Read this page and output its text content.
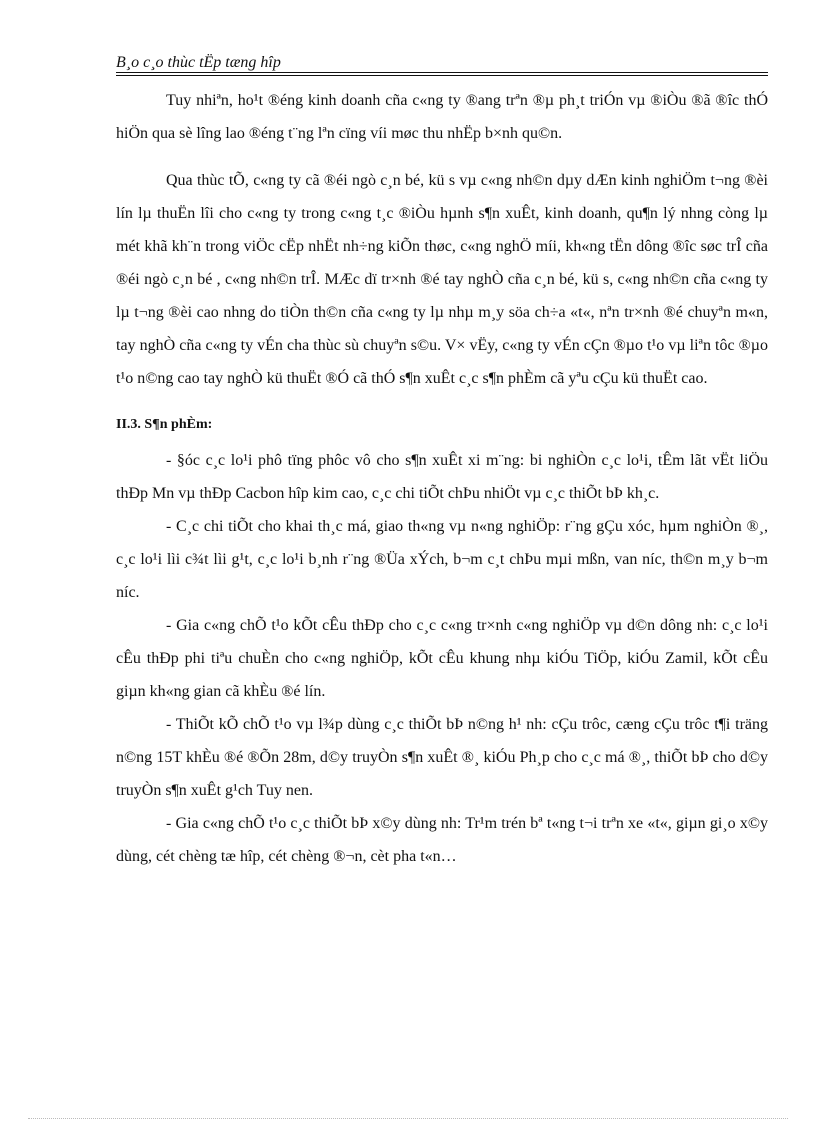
B¸o c¸o thùc tËp tæng hîp

Tuy nhiªn, ho¹t ®éng kinh doanh cña c«ng ty ®ang trªn ®µ ph¸t triÓn vµ ®iÒu ®ã ®îc thÓ hiÖn qua sè lîng lao ®éng t¨ng lªn cïng víi møc thu nhËp b×nh qu©n.

Qua thùc tÕ, c«ng ty cã ®éi ngò c¸n bé, kü s vµ c«ng nh©n dµy dÆn kinh nghiÖm t¬ng ®èi lín lµ thuËn lîi cho c«ng ty trong c«ng t¸c ®iÒu hµnh s¶n xuÊt, kinh doanh, qu¶n lý nhng còng lµ mét khã kh¨n trong viÖc cËp nhËt nh÷ng kiÕn thøc, c«ng nghÖ míi, kh«ng tËn dông ®îc søc trÎ cña ®éi ngò c¸n bé , c«ng nh©n trÎ. MÆc dï tr×nh ®é tay nghÒ cña c¸n bé, kü s, c«ng nh©n cña c«ng ty lµ t¬ng ®èi cao nhng do tiÒn th©n cña c«ng ty lµ nhµ m¸y söa ch÷a «t«, nªn tr×nh ®é chuyªn m«n, tay nghÒ cña c«ng ty vÉn cha thùc sù chuyªn s©u. V× vËy, c«ng ty vÉn cÇn ®µo t¹o vµ liªn tôc ®µo t¹o n©ng cao tay nghÒ kü thuËt ®Ó cã thÓ s¶n xuÊt c¸c s¶n phÈm cã yªu cÇu kü thuËt cao.

II.3. S¶n phÈm:

- §óc c¸c lo¹i phô tïng phôc vô cho s¶n xuÊt xi m¨ng: bi nghiÒn c¸c lo¹i, tÊm lãt vËt liÖu thÐp Mn vµ thÐp Cacbon hîp kim cao, c¸c chi tiÕt chÞu nhiÖt vµ c¸c thiÕt bÞ kh¸c.

- C¸c chi tiÕt cho khai th¸c má, giao th«ng vµ n«ng nghiÖp: r¨ng gÇu xóc, hµm nghiÒn ®¸, c¸c lo¹i lìi c¾t lìi g¹t, c¸c lo¹i b¸nh r¨ng ®Üa xÝch, b¬m c¸t chÞu mµi mßn, van níc, th©n m¸y b¬m níc.

- Gia c«ng chÕ t¹o kÕt cÊu thÐp cho c¸c c«ng tr×nh c«ng nghiÖp vµ d©n dông nh: c¸c lo¹i cÊu thÐp phi tiªu chuÈn cho c«ng nghiÖp, kÕt cÊu khung nhµ kiÓu TiÖp, kiÓu Zamil, kÕt cÊu giµn kh«ng gian cã khÈu ®é lín.

- ThiÕt kÕ chÕ t¹o vµ l¾p dùng c¸c thiÕt bÞ n©ng h¹ nh: cÇu trôc, cæng cÇu trôc t¶i träng n©ng 15T khÈu ®é ®Õn 28m, d©y truyÒn s¶n xuÊt ®¸ kiÓu Ph¸p cho c¸c má ®¸, thiÕt bÞ cho d©y truyÒn s¶n xuÊt g¹ch Tuy nen.

- Gia c«ng chÕ t¹o c¸c thiÕt bÞ x©y dùng nh: Tr¹m trén bª t«ng t¬i trªn xe «t«, giµn gi¸o x©y dùng, cét chèng tæ hîp, cét chèng ®¬n, cèt pha t«n…
